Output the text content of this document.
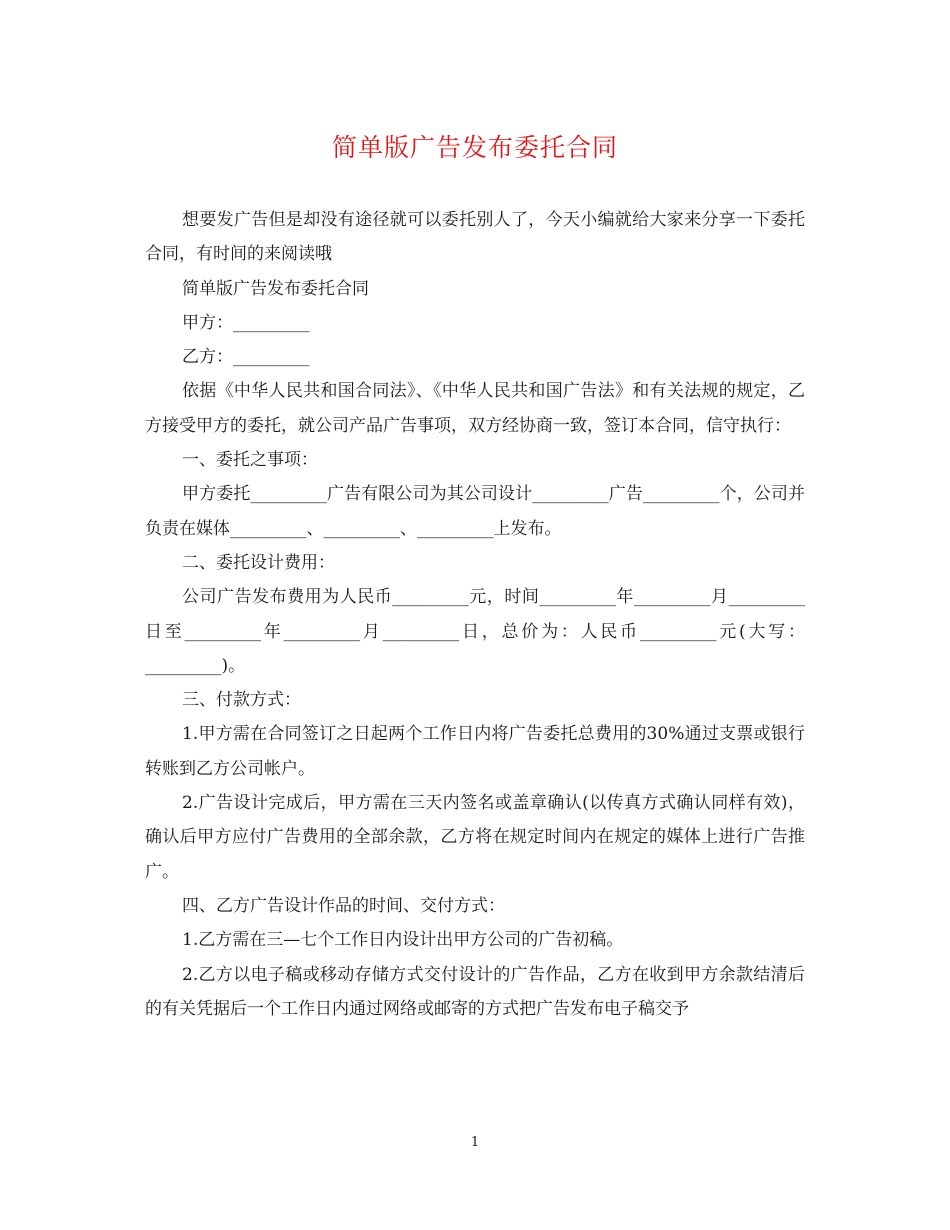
简单版广告发布委托合同

想要发广告但是却没有途径就可以委托别人了，今天小编就给大家来分享一下委托合同，有时间的来阅读哦

简单版广告发布委托合同

甲方：_________

乙方：_________

依据《中华人民共和国合同法》、《中华人民共和国广告法》和有关法规的规定，乙方接受甲方的委托，就公司产品广告事项，双方经协商一致，签订本合同，信守执行：

一、委托之事项：

甲方委托_________广告有限公司为其公司设计_________广告_________个，公司并负责在媒体_________、_________、_________上发布。

二、委托设计费用：

公司广告发布费用为人民币_________元，时间_________年_________月_________日至_________年_________月_________日，总价为：人民币_________元(大写：_________)。

三、付款方式：

1.甲方需在合同签订之日起两个工作日内将广告委托总费用的30%通过支票或银行转账到乙方公司帐户。

2.广告设计完成后，甲方需在三天内签名或盖章确认(以传真方式确认同样有效)，确认后甲方应付广告费用的全部余款，乙方将在规定时间内在规定的媒体上进行广告推广。

四、乙方广告设计作品的时间、交付方式：

1.乙方需在三—七个工作日内设计出甲方公司的广告初稿。

2.乙方以电子稿或移动存储方式交付设计的广告作品，乙方在收到甲方余款结清后的有关凭据后一个工作日内通过网络或邮寄的方式把广告发布电子稿交予

1
